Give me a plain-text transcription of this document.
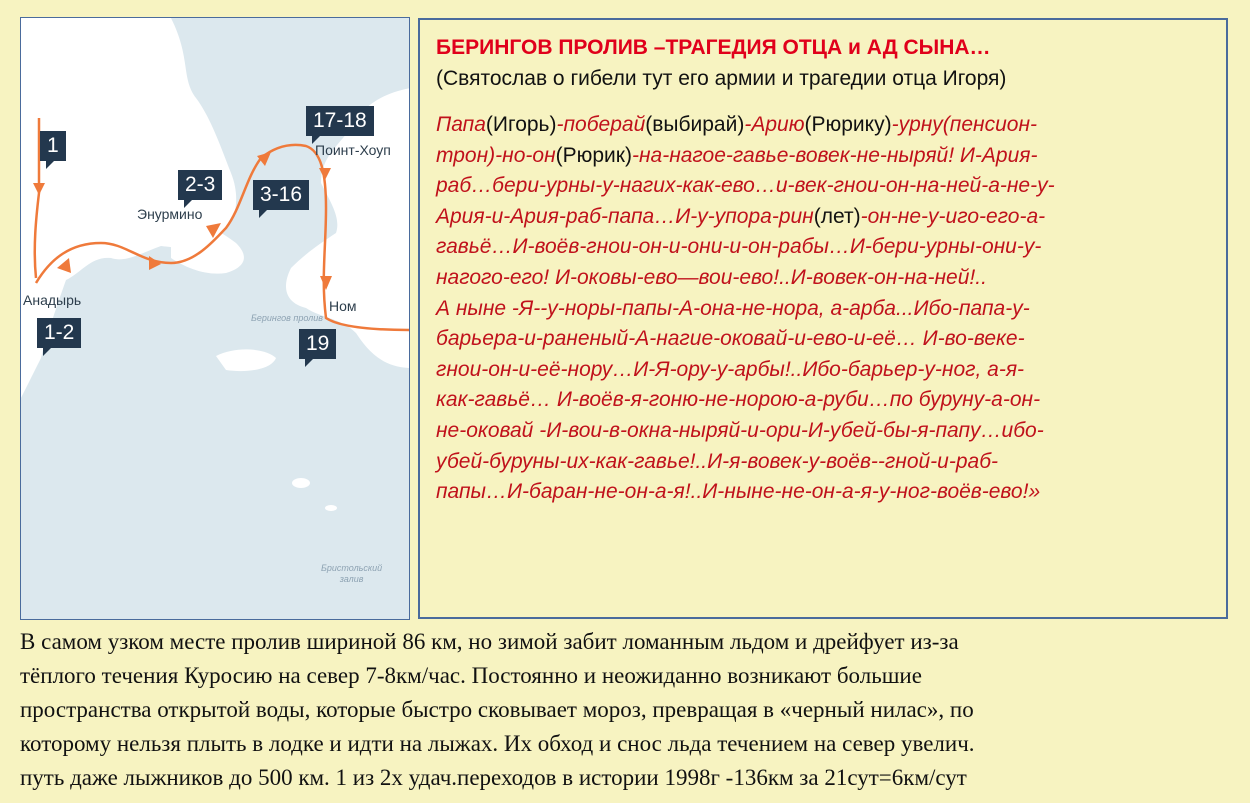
1
1-2
2-3	3-16
17-18
19
Анадырь
Энурмино
Поинт-Хоуп
Ном
Берингов пролив
Бристольский
залив
БЕРИНГОВ ПРОЛИВ –ТРАГЕДИЯ ОТЦА и АД СЫНА…
(Святослав о гибели тут его армии и трагедии отца Игоря)
Папа(Игорь)-поберай(выбирай)-Арию(Рюрику)-урну(пенсион-
трон)-но-он(Рюрик)-на-нагое-гавье-вовек-не-ныряй! И-Ария-
раб…бери-урны-у-нагих-как-ево…и-век-гнои-он-на-ней-а-не-у-
Ария-и-Ария-раб-папа…И-у-упора-рин(лет)-он-не-у-иго-его-а-
гавьё…И-воёв-гнои-он-и-они-и-он-рабы…И-бери-урны-они-у-
нагого-его! И-оковы-ево—вои-ево!..И-вовек-он-на-ней!..
А ныне -Я--у-норы-папы-А-она-не-нора, а-арба...Ибо-папа-у-
барьера-и-раненый-А-нагие-оковай-и-ево-и-её… И-во-веке-
гнои-он-и-её-нору…И-Я-ору-у-арбы!..Ибо-барьер-у-ног, а-я-
как-гавьё… И-воёв-я-гоню-не-норою-а-руби…по буруну-а-он-
не-оковай -И-вои-в-окна-ныряй-и-ори-И-убей-бы-я-папу…ибо-
убей-буруны-их-как-гавье!..И-я-вовек-у-воёв--гной-и-раб-
папы…И-баран-не-он-а-я!..И-ныне-не-он-а-я-у-ног-воёв-ево!»
В самом узком месте пролив шириной 86 км, но зимой забит ломанным льдом и дрейфует из-за
тёплого течения Куросию на север 7-8км/час. Постоянно и неожиданно возникают большие
пространства открытой воды, которые быстро сковывает мороз, превращая в «черный нилас», по
которому нельзя плыть в лодке и идти на лыжах. Их обход и снос льда течением на север увелич.
путь даже лыжников до 500 км. 1 из 2х удач.переходов в истории 1998г -136км за 21сут=6км/сут
